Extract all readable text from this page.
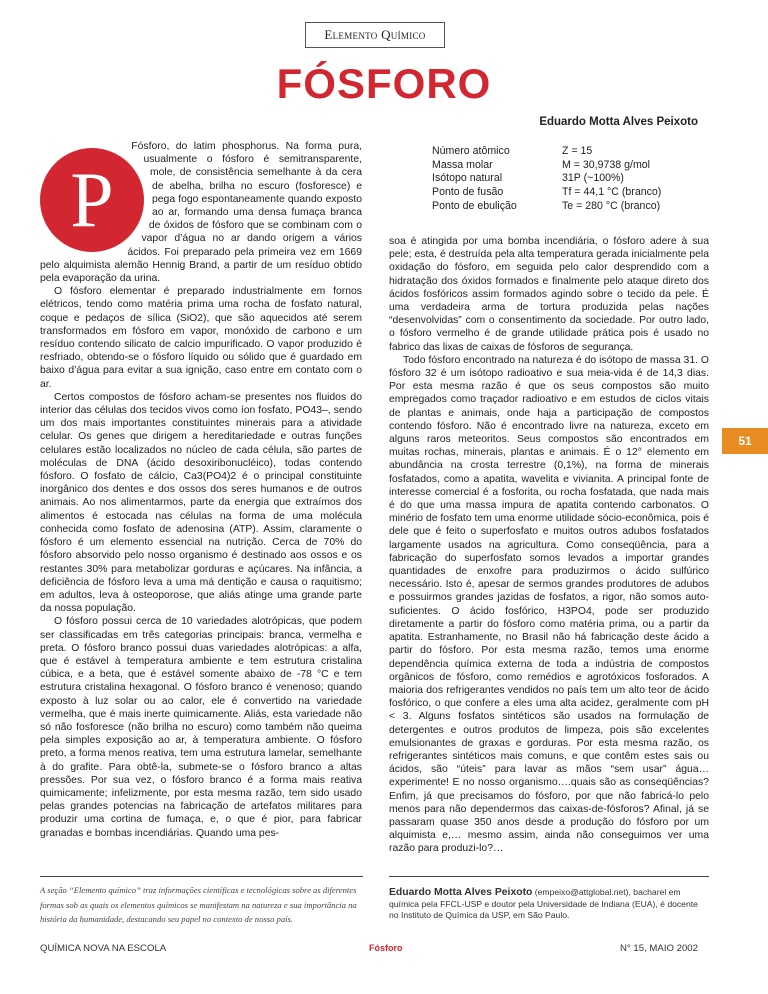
Elemento Químico
FÓSFORO
Eduardo Motta Alves Peixoto
P

Fósforo, do latim phosphorus. Na forma pura, usualmente o fósforo é semitransparente, mole, de consistência semelhante à da cera de abelha, brilha no escuro (fosforesce) e pega fogo espontaneamente quando exposto ao ar, formando uma densa fumaça branca de óxidos de fósforo que se combinam com o vapor d’água no ar dando origem a vários ácidos. Foi preparado pela primeira vez em 1669 pelo alquimista alemão Hennig Brand, a partir de um resíduo obtido pela evaporação da urina.

O fósforo elementar é preparado industrialmente em fornos elétricos, tendo como matéria prima uma rocha de fosfato natural, coque e pedaços de sílica (SiO2), que são aquecidos até serem transformados em fósforo em vapor, monóxido de carbono e um resíduo contendo silicato de calcio impurificado. O vapor produzido é resfriado, obtendo-se o fósforo líquido ou sólido que é guardado em baixo d’água para evitar a sua ignição, caso entre em contato com o ar.

Certos compostos de fósforo acham-se presentes nos fluidos do interior das células dos tecidos vivos como íon fosfato, PO43–, sendo um dos mais importantes constituintes minerais para a atividade celular. Os genes que dirigem a hereditariedade e outras funções celulares estão localizados no núcleo de cada célula, são partes de moléculas de DNA (ácido desoxiribonucléico), todas contendo fósforo. O fosfato de cálcio, Ca3(PO4)2 é o principal constituinte inorgânico dos dentes e dos ossos dos seres humanos e de outros animais. Ao nos alimentarmos, parte da energia que extraímos dos alimentos é estocada nas células na forma de uma molécula conhecida como fosfato de adenosina (ATP). Assim, claramente o fósforo é um elemento essencial na nutrição. Cerca de 70% do fósforo absorvido pelo nosso organismo é destinado aos ossos e os restantes 30% para metabolizar gorduras e açúcares. Na infância, a deficiência de fósforo leva a uma má dentição e causa o raquitismo; em adultos, leva à osteoporose, que aliás atinge uma grande parte da nossa população.

O fósforo possui cerca de 10 variedades alotrópicas, que podem ser classificadas em três categorias principais: branca, vermelha e preta. O fósforo branco possui duas variedades alotrópicas: a alfa, que é estável à temperatura ambiente e tem estrutura cristalina cúbica, e a beta, que é estável somente abaixo de -78 °C e tem estrutura cristalina hexagonal. O fósforo branco é venenoso; quando exposto à luz solar ou ao calor, ele é convertido na variedade vermelha, que é mais inerte quimicamente. Aliás, esta variedade não só não fosforesce (não brilha no escuro) como também não queima pela simples exposição ao ar, à temperatura ambiente. O fósforo preto, a forma menos reativa, tem uma estrutura lamelar, semelhante à do grafite. Para obtê-la, submete-se o fósforo branco a altas pressões. Por sua vez, o fósforo branco é a forma mais reativa quimicamente; infelizmente, por esta mesma razão, tem sido usado pelas grandes potencias na fabricação de artefatos militares para produzir uma cortina de fumaça, e, o que é pior, para fabricar granadas e bombas incendiárias. Quando uma pes-

Número atômico	Z = 15
Massa molar	M = 30,9738 g/mol
Isótopo natural	31P (~100%)
Ponto de fusão	Tf = 44,1 °C (branco)
Ponto de ebulição	Te = 280 °C (branco)

soa é atingida por uma bomba incendiária, o fósforo adere à sua pele; esta, é destruída pela alta temperatura gerada inicialmente pela oxidação do fósforo, em seguida pelo calor desprendido com a hidratação dos óxidos formados e finalmente pelo ataque direto dos ácidos fosfóricos assim formados agindo sobre o tecido da pele. É uma verdadeira arma de tortura produzida pelas nações “desenvolvidas” com o consentimento da sociedade. Por outro lado, o fósforo vermelho é de grande utilidade prática pois é usado no fabrico das lixas de caixas de fósforos de segurança.

Todo fósforo encontrado na natureza é do isótopo de massa 31. O fósforo 32 é um isótopo radioativo e sua meia-vida é de 14,3 dias. Por esta mesma razão é que os seus compostos são muito empregados como traçador radioativo e em estudos de ciclos vitais de plantas e animais, onde haja a participação de compostos contendo fósforo. Não é encontrado livre na natureza, exceto em alguns raros meteoritos. Seus compostos são encontrados em muitas rochas, minerais, plantas e animais. É o 12° elemento em abundância na crosta terrestre (0,1%), na forma de minerais fosfatados, como a apatita, wavelita e vivianita. A principal fonte de interesse comercial é a fosforita, ou rocha fosfatada, que nada mais é do que uma massa impura de apatita contendo carbonatos. O minério de fosfato tem uma enorme utilidade sócio-econômica, pois é dele que é feito o superfosfato e muitos outros adubos fosfatados largamente usados na agricultura. Como conseqüência, para a fabricação do superfosfato somos levados a importar grandes quantidades de enxofre para produzirmos o ácido sulfúrico necessário. Isto é, apesar de sermos grandes produtores de adubos e possuirmos grandes jazidas de fosfatos, a rigor, não somos auto-suficientes. O ácido fosfórico, H3PO4, pode ser produzido diretamente a partir do fósforo como matéria prima, ou a partir da apatita. Estranhamente, no Brasil não há fabricação deste ácido a partir do fósforo. Por esta mesma razão, temos uma enorme dependência química externa de toda a indústria de compostos orgânicos de fósforo, como remédios e agrotóxicos fosforados. A maioria dos refrigerantes vendidos no país tem um alto teor de ácido fosfórico, o que confere a eles uma alta acidez, geralmente com pH < 3. Alguns fosfatos sintéticos são usados na formulação de detergentes e outros produtos de limpeza, pois são excelentes emulsionantes de graxas e gorduras. Por esta mesma razão, os refrigerantes sintéticos mais comuns, e que contêm estes sais ou ácidos, são “úteis” para lavar as mãos “sem usar” água… experimente! E no nosso organismo….quais são as conseqüências? Enfim, já que precisamos do fósforo, por que não fabricá-lo pelo menos para não dependermos das caixas-de-fósforos? Afinal, já se passaram quase 350 anos desde a produção do fósforo por um alquimista e,… mesmo assim, ainda não conseguimos ver uma razão para produzi-lo?…

51
A seção “Elemento químico” traz informações científicas e tecnológicas sobre as diferentes formas sob as quais os elementos químicos se manifestam na natureza e sua importância na história da humanidade, destacando seu papel no contexto de nosso país.
Eduardo Motta Alves Peixoto (empeixo@attglobal.net), bacharel em química pela FFCL-USP e doutor pela Universidade de Indiana (EUA), é docente no Instituto de Química da USP, em São Paulo.
QUÍMICA NOVA NA ESCOLA	Fósforo	N° 15, MAIO 2002
